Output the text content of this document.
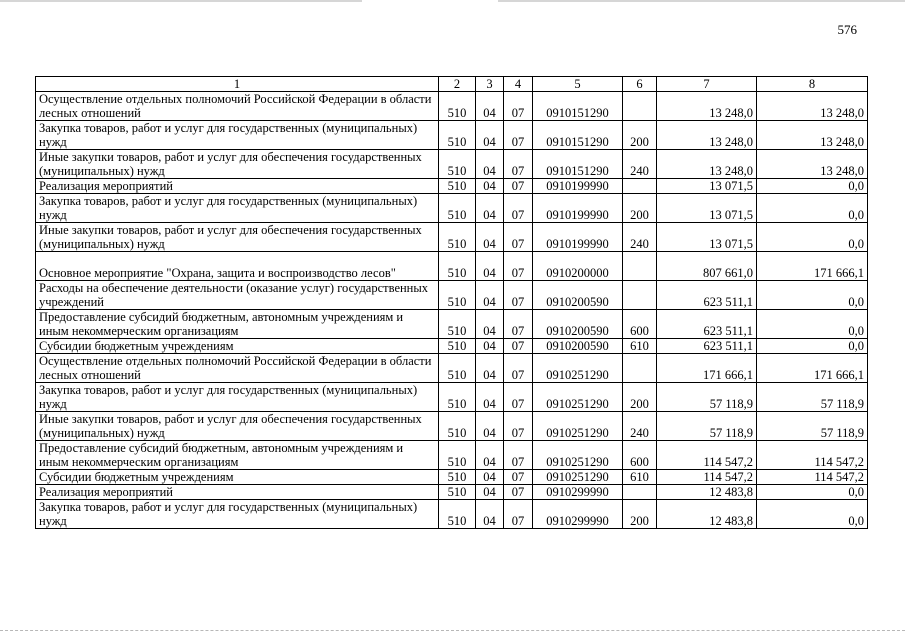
576
1	2	3	4	5	6	7	8
Осуществление отдельных полномочий Российской Федерации в области лесных отношений	510	04	07	0910151290		13 248,0	13 248,0
Закупка товаров, работ и услуг для государственных (муниципальных) нужд	510	04	07	0910151290	200	13 248,0	13 248,0
Иные закупки товаров, работ и услуг для обеспечения государственных (муниципальных) нужд	510	04	07	0910151290	240	13 248,0	13 248,0
Реализация мероприятий	510	04	07	0910199990		13 071,5	0,0
Закупка товаров, работ и услуг для государственных (муниципальных) нужд	510	04	07	0910199990	200	13 071,5	0,0
Иные закупки товаров, работ и услуг для обеспечения государственных (муниципальных) нужд	510	04	07	0910199990	240	13 071,5	0,0
Основное мероприятие "Охрана, защита и воспроизводство лесов"	510	04	07	0910200000		807 661,0	171 666,1
Расходы на обеспечение деятельности (оказание услуг) государственных учреждений	510	04	07	0910200590		623 511,1	0,0
Предоставление субсидий бюджетным, автономным учреждениям и иным некоммерческим организациям	510	04	07	0910200590	600	623 511,1	0,0
Субсидии бюджетным учреждениям	510	04	07	0910200590	610	623 511,1	0,0
Осуществление отдельных полномочий Российской Федерации в области лесных отношений	510	04	07	0910251290		171 666,1	171 666,1
Закупка товаров, работ и услуг для государственных (муниципальных) нужд	510	04	07	0910251290	200	57 118,9	57 118,9
Иные закупки товаров, работ и услуг для обеспечения государственных (муниципальных) нужд	510	04	07	0910251290	240	57 118,9	57 118,9
Предоставление субсидий бюджетным, автономным учреждениям и иным некоммерческим организациям	510	04	07	0910251290	600	114 547,2	114 547,2
Субсидии бюджетным учреждениям	510	04	07	0910251290	610	114 547,2	114 547,2
Реализация мероприятий	510	04	07	0910299990		12 483,8	0,0
Закупка товаров, работ и услуг для государственных (муниципальных) нужд	510	04	07	0910299990	200	12 483,8	0,0
